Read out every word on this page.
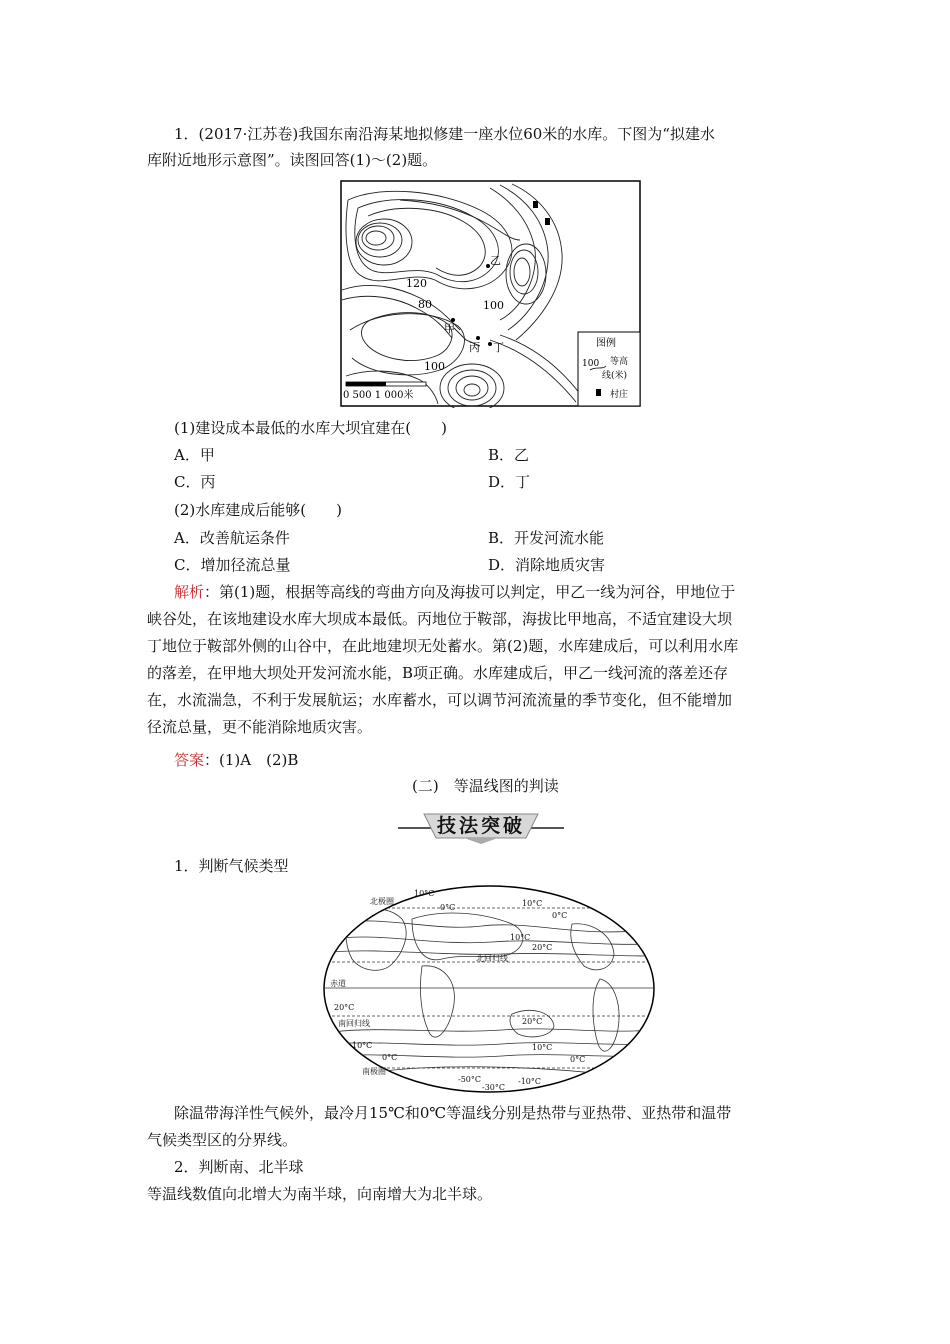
1．(2017·江苏卷)我国东南沿海某地拟修建一座水位60米的水库。下图为“拟建水
库附近地形示意图”。读图回答(1)～(2)题。
乙
甲
丙 丁
120
80	100
100
0 500 1 000米
图例
100 等高
线(米)
村庄
(1)建设成本最低的水库大坝宜建在(　　)
A．甲	B．乙
C．丙	D．丁
(2)水库建成后能够(　　)
A．改善航运条件	B．开发河流水能
C．增加径流总量	D．消除地质灾害
解析：第(1)题，根据等高线的弯曲方向及海拔可以判定，甲乙一线为河谷，甲地位于
峡谷处，在该地建设水库大坝成本最低。丙地位于鞍部，海拔比甲地高，不适宜建设大坝
丁地位于鞍部外侧的山谷中，在此地建坝无处蓄水。第(2)题，水库建成后，可以利用水库
的落差，在甲地大坝处开发河流水能，B项正确。水库建成后，甲乙一线河流的落差还存
在，水流湍急，不利于发展航运；水库蓄水，可以调节河流流量的季节变化，但不能增加
径流总量，更不能消除地质灾害。
答案：(1)A　(2)B
(二)　等温线图的判读
技法突破
1．判断气候类型
10°C
北极圈
0°C	10°C
0°C
10°C
20°C
北回归线
赤道
20°C
南回归线	20°C
10°C	10°C
0°C	0°C
南极圈
-50°C
-30°C
-10°C
除温带海洋性气候外，最冷月15℃和0℃等温线分别是热带与亚热带、亚热带和温带
气候类型区的分界线。
2．判断南、北半球
等温线数值向北增大为南半球，向南增大为北半球。
